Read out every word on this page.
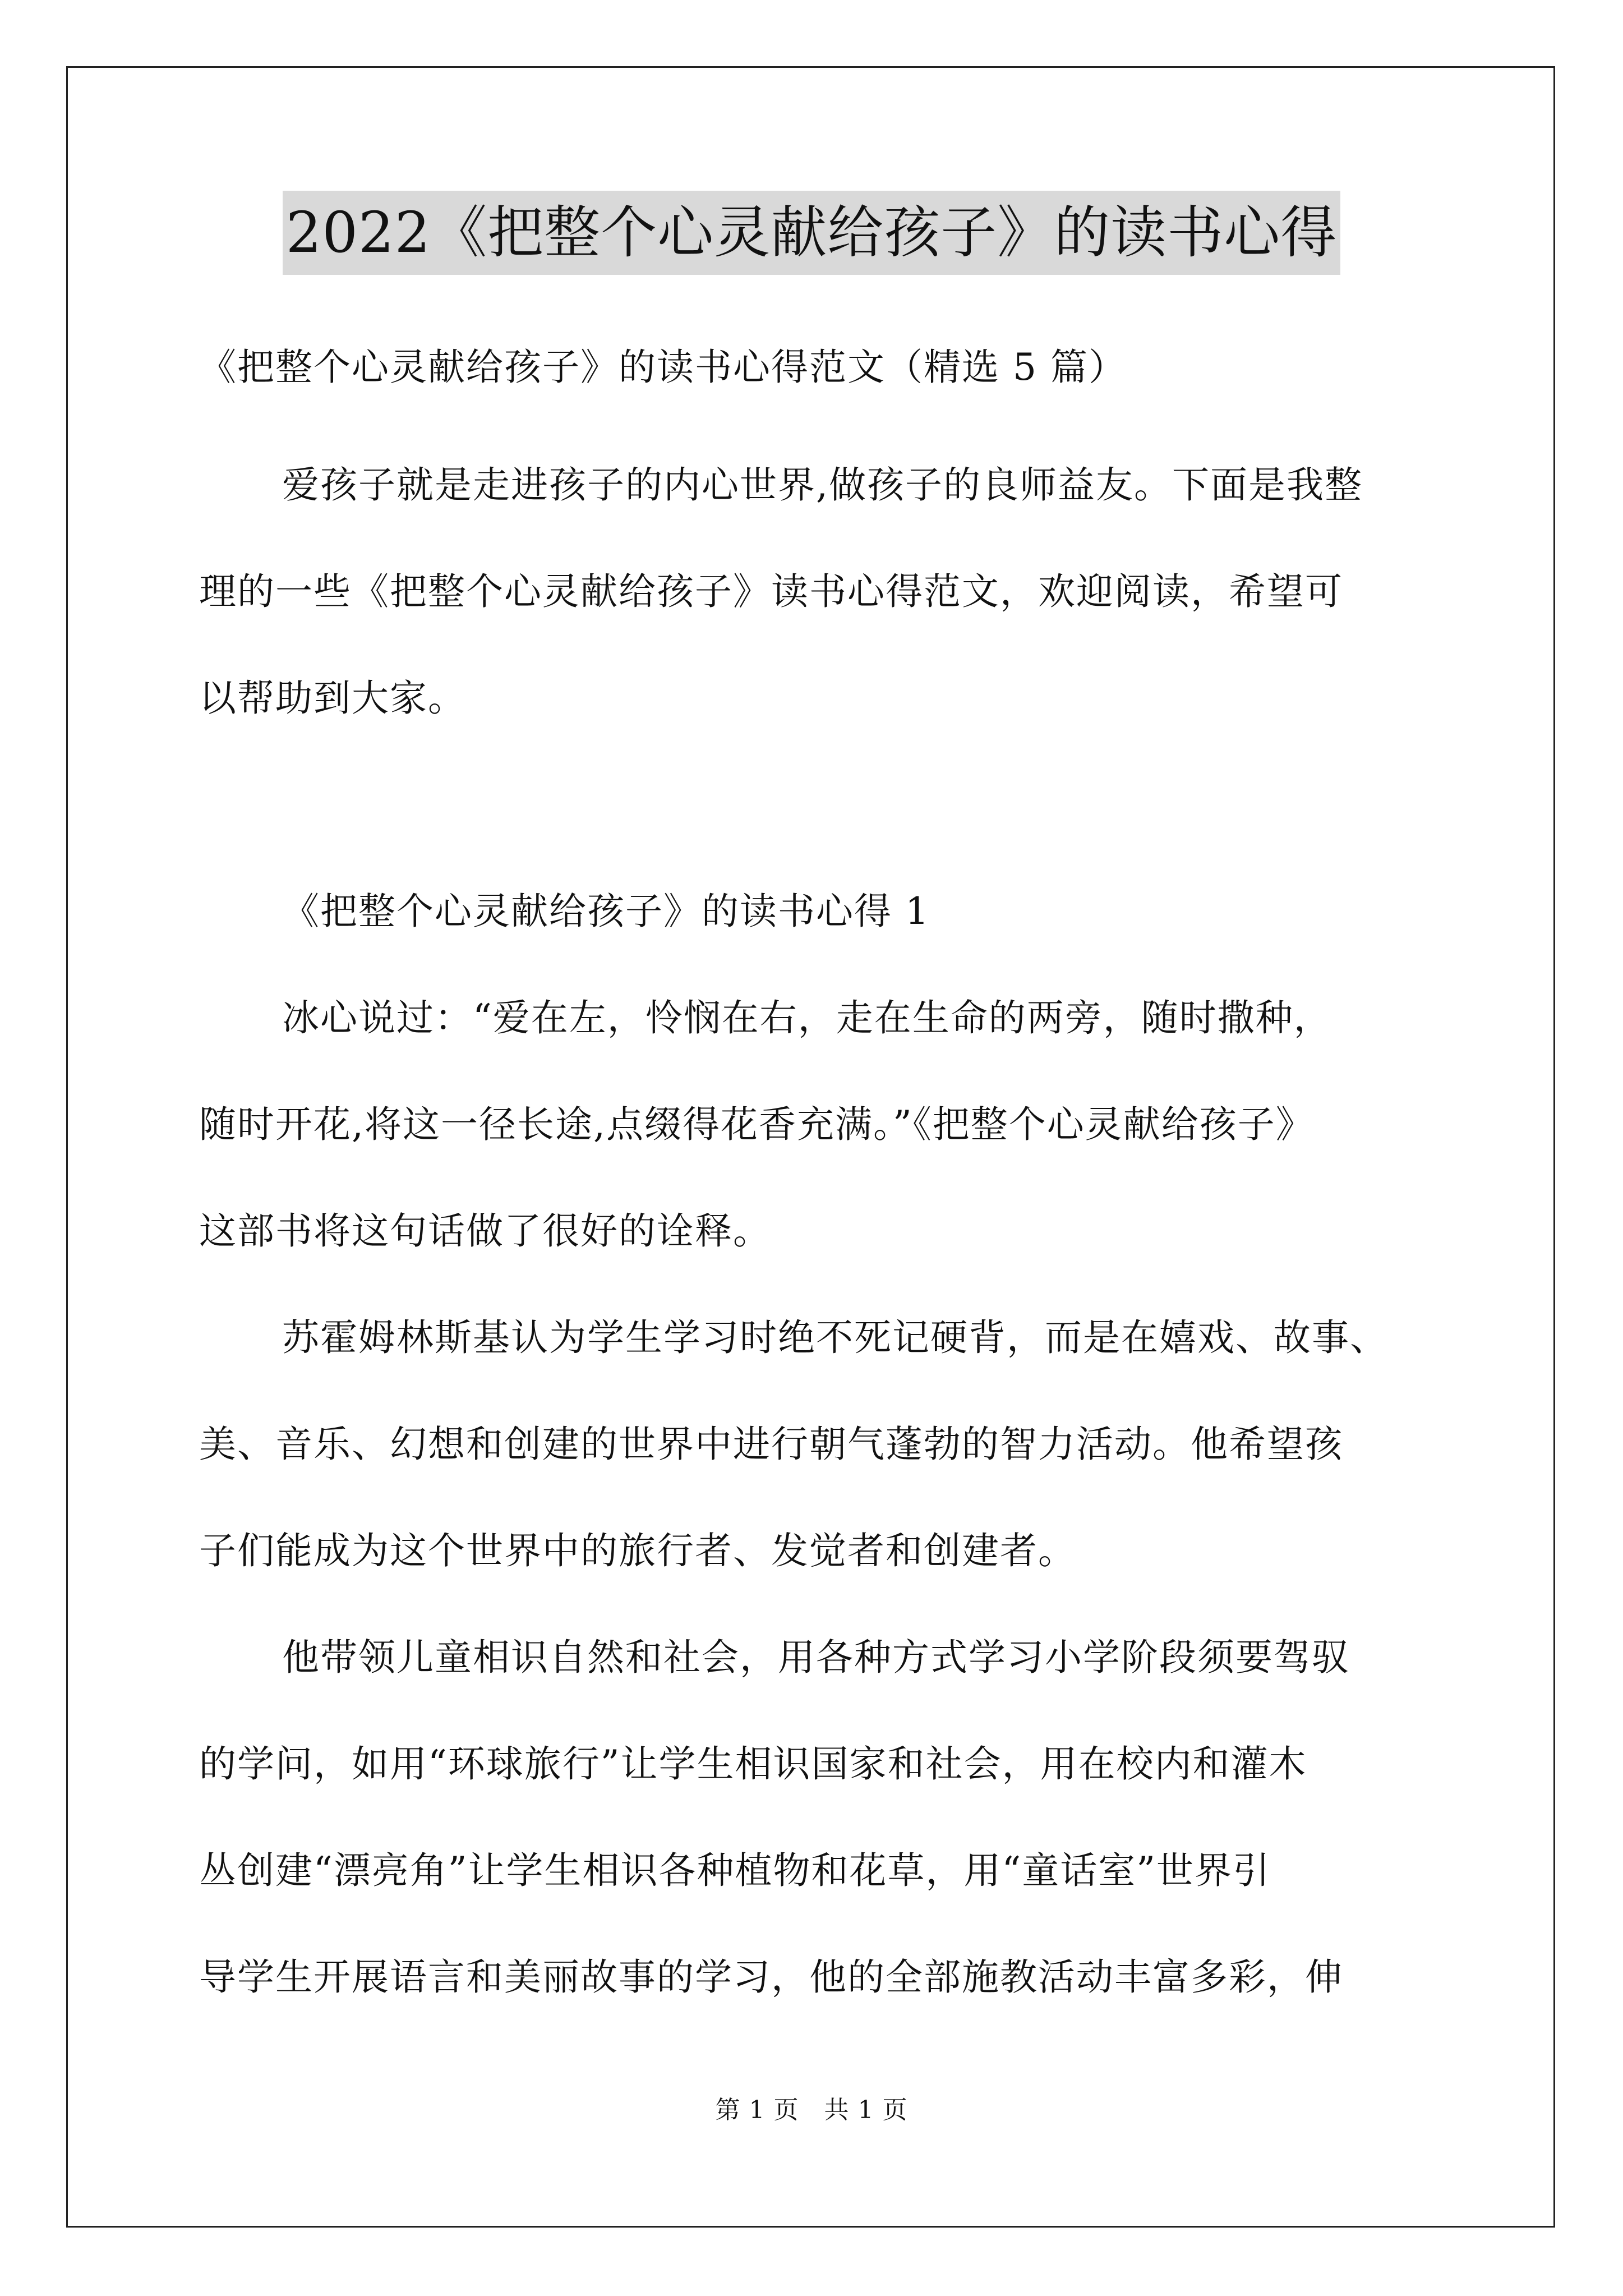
2022《把整个心灵献给孩子》的读书心得
《把整个心灵献给孩子》的读书心得范文（精选 5 篇）
爱孩子就是走进孩子的内心世界,做孩子的良师益友。下面是我整
理的一些《把整个心灵献给孩子》读书心得范文，欢迎阅读，希望可
以帮助到大家。
《把整个心灵献给孩子》的读书心得 1
冰心说过：“爱在左，怜悯在右，走在生命的两旁，随时撒种，
随时开花,将这一径长途,点缀得花香充满。”《把整个心灵献给孩子》
这部书将这句话做了很好的诠释。
苏霍姆林斯基认为学生学习时绝不死记硬背，而是在嬉戏、故事、
美、音乐、幻想和创建的世界中进行朝气蓬勃的智力活动。他希望孩
子们能成为这个世界中的旅行者、发觉者和创建者。
他带领儿童相识自然和社会，用各种方式学习小学阶段须要驾驭
的学问，如用“环球旅行”让学生相识国家和社会，用在校内和灌木
丛创建“漂亮角”让学生相识各种植物和花草，用“童话室”世界引
导学生开展语言和美丽故事的学习，他的全部施教活动丰富多彩，伸
第 1 页　共 1 页
